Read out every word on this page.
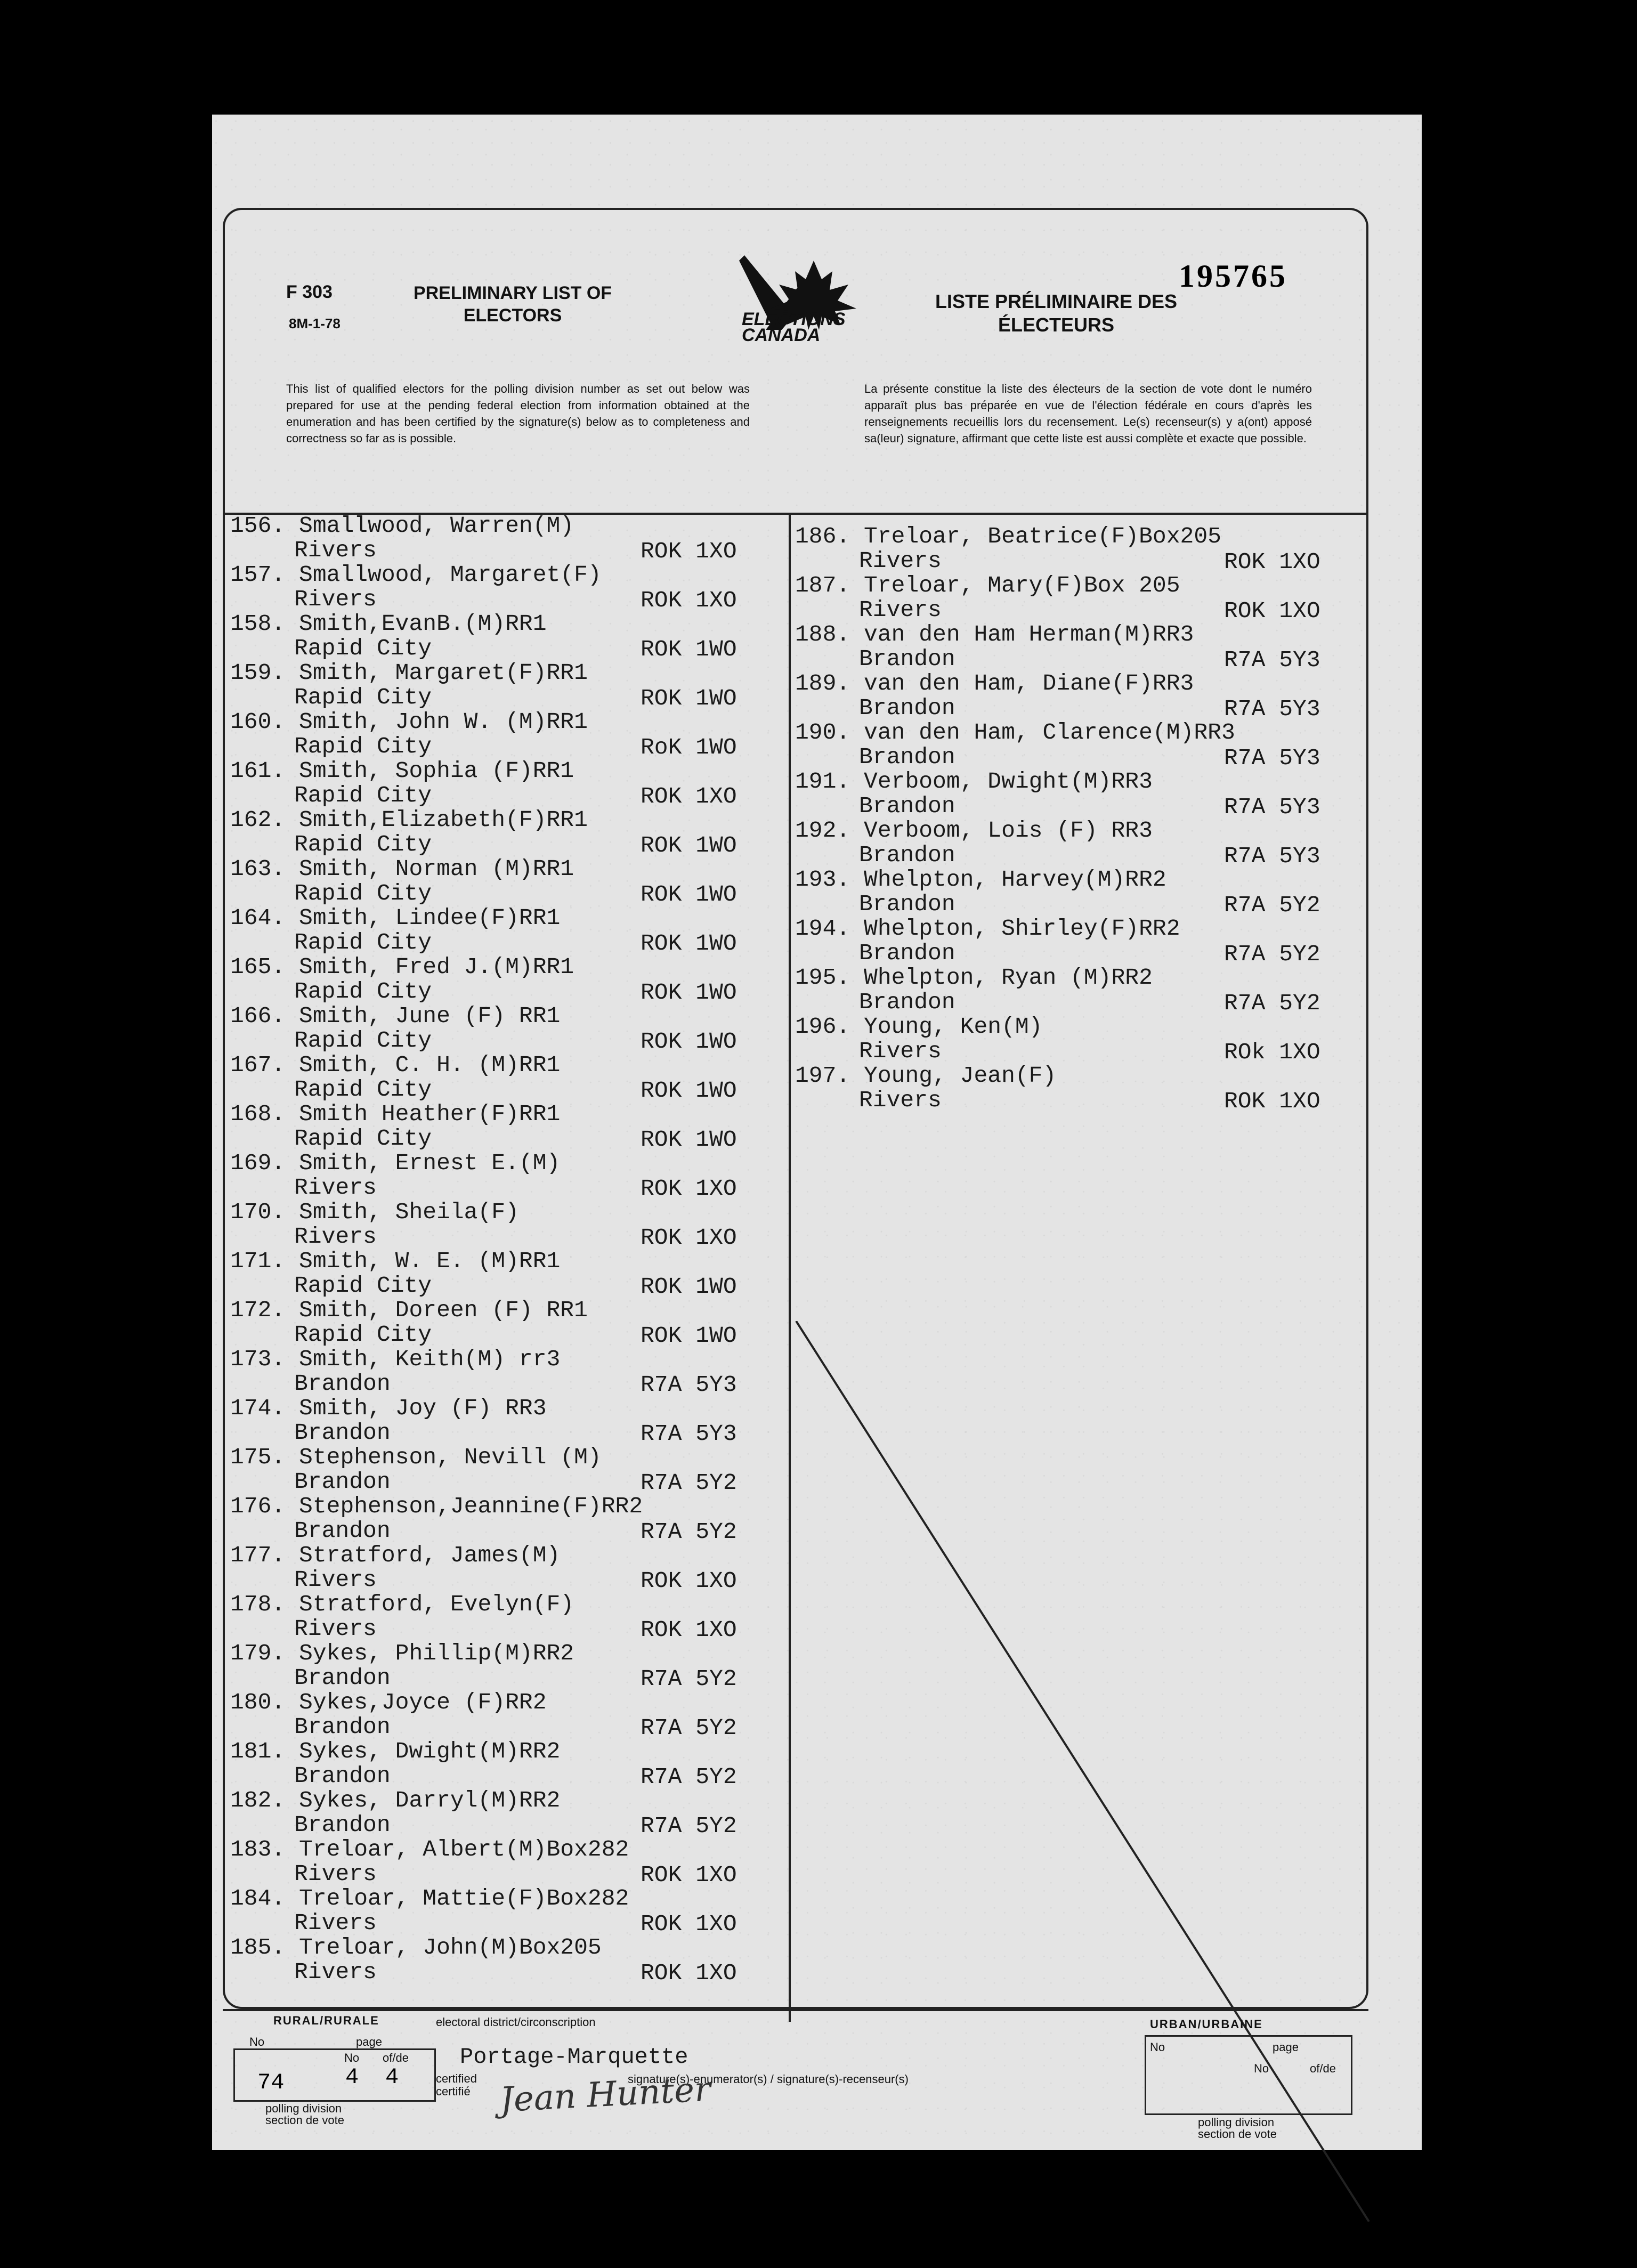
F 303
8M-1-78
PRELIMINARY LIST OF ELECTORS	ELECTIONS CANADA
195765
LISTE PRÉLIMINAIRE DES ÉLECTEURS
This list of qualified electors for the polling division number as set out below was prepared for use at the pending federal election from information obtained at the enumeration and has been certified by the signature(s) below as to completeness and correctness so far as is possible.
La présente constitue la liste des électeurs de la section de vote dont le numéro apparaît plus bas préparée en vue de l'élection fédérale en cours d'après les renseignements recueillis lors du recensement. Le(s) recenseur(s) y a(ont) apposé sa(leur) signature, affirmant que cette liste est aussi complète et exacte que possible.
156. Smallwood, Warren(M)
Rivers	ROK 1XO
157. Smallwood, Margaret(F)
Rivers	ROK 1XO
158. Smith,EvanB.(M)RR1
Rapid City	ROK 1WO
159. Smith, Margaret(F)RR1
Rapid City	ROK 1WO
160. Smith, John W. (M)RR1
Rapid City	RoK 1WO
161. Smith, Sophia (F)RR1
Rapid City	ROK 1XO
162. Smith,Elizabeth(F)RR1
Rapid City	ROK 1WO
163. Smith, Norman (M)RR1
Rapid City	ROK 1WO
164. Smith, Lindee(F)RR1
Rapid City	ROK 1WO
165. Smith, Fred J.(M)RR1
Rapid City	ROK 1WO
166. Smith, June (F) RR1
Rapid City	ROK 1WO
167. Smith, C. H. (M)RR1
Rapid City	ROK 1WO
168. Smith Heather(F)RR1
Rapid City	ROK 1WO
169. Smith, Ernest E.(M)
Rivers	ROK 1XO
170. Smith, Sheila(F)
Rivers	ROK 1XO
171. Smith, W. E. (M)RR1
Rapid City	ROK 1WO
172. Smith, Doreen (F) RR1
Rapid City	ROK 1WO
173. Smith, Keith(M) rr3
Brandon	R7A 5Y3
174. Smith, Joy (F) RR3
Brandon	R7A 5Y3
175. Stephenson, Nevill (M)
Brandon	R7A 5Y2
176. Stephenson,Jeannine(F)RR2
Brandon	R7A 5Y2
177. Stratford, James(M)
Rivers	ROK 1XO
178. Stratford, Evelyn(F)
Rivers	ROK 1XO
179. Sykes, Phillip(M)RR2
Brandon	R7A 5Y2
180. Sykes,Joyce (F)RR2
Brandon	R7A 5Y2
181. Sykes, Dwight(M)RR2
Brandon	R7A 5Y2
182. Sykes, Darryl(M)RR2
Brandon	R7A 5Y2
183. Treloar, Albert(M)Box282
Rivers	ROK 1XO
184. Treloar, Mattie(F)Box282
Rivers	ROK 1XO
185. Treloar, John(M)Box205
Rivers	ROK 1XO
186. Treloar, Beatrice(F)Box205
Rivers	ROK 1XO
187. Treloar, Mary(F)Box 205
Rivers	ROK 1XO
188. van den Ham Herman(M)RR3
Brandon	R7A 5Y3
189. van den Ham, Diane(F)RR3
Brandon	R7A 5Y3
190. van den Ham, Clarence(M)RR3
Brandon	R7A 5Y3
191. Verboom, Dwight(M)RR3
Brandon	R7A 5Y3
192. Verboom, Lois (F) RR3
Brandon	R7A 5Y3
193. Whelpton, Harvey(M)RR2
Brandon	R7A 5Y2
194. Whelpton, Shirley(F)RR2
Brandon	R7A 5Y2
195. Whelpton, Ryan (M)RR2
Brandon	R7A 5Y2
196. Young, Ken(M)
Rivers	ROk 1XO
197. Young, Jean(F)
Rivers	ROK 1XO
RURAL/RURALE
No	page
74
No
4
of/de
4
polling division
section de vote
electoral district/circonscription
Portage-Marquette
certified
certifié
signature(s)-enumerator(s) / signature(s)-recenseur(s)
Jean Hunter
URBAN/URBAINE
No	page
No	of/de
polling division
section de vote
